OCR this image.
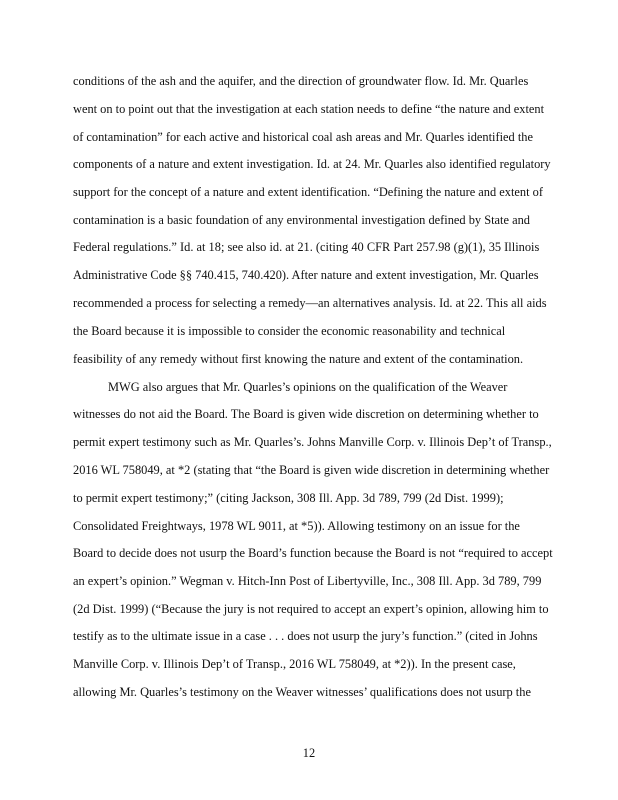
conditions of the ash and the aquifer, and the direction of groundwater flow. Id. Mr. Quarles
went on to point out that the investigation at each station needs to define “the nature and extent
of contamination” for each active and historical coal ash areas and Mr. Quarles identified the
components of a nature and extent investigation. Id. at 24. Mr. Quarles also identified regulatory
support for the concept of a nature and extent identification. “Defining the nature and extent of
contamination is a basic foundation of any environmental investigation defined by State and
Federal regulations.” Id. at 18; see also id. at 21. (citing 40 CFR Part 257.98 (g)(1), 35 Illinois
Administrative Code §§ 740.415, 740.420). After nature and extent investigation, Mr. Quarles
recommended a process for selecting a remedy—an alternatives analysis. Id. at 22. This all aids
the Board because it is impossible to consider the economic reasonability and technical
feasibility of any remedy without first knowing the nature and extent of the contamination.
MWG also argues that Mr. Quarles’s opinions on the qualification of the Weaver
witnesses do not aid the Board. The Board is given wide discretion on determining whether to
permit expert testimony such as Mr. Quarles’s. Johns Manville Corp. v. Illinois Dep’t of Transp.,
2016 WL 758049, at *2 (stating that “the Board is given wide discretion in determining whether
to permit expert testimony;” (citing Jackson, 308 Ill. App. 3d 789, 799 (2d Dist. 1999);
Consolidated Freightways, 1978 WL 9011, at *5)). Allowing testimony on an issue for the
Board to decide does not usurp the Board’s function because the Board is not “required to accept
an expert’s opinion.” Wegman v. Hitch-Inn Post of Libertyville, Inc., 308 Ill. App. 3d 789, 799
(2d Dist. 1999) (“Because the jury is not required to accept an expert’s opinion, allowing him to
testify as to the ultimate issue in a case . . . does not usurp the jury’s function.” (cited in Johns
Manville Corp. v. Illinois Dep’t of Transp., 2016 WL 758049, at *2)). In the present case,
allowing Mr. Quarles’s testimony on the Weaver witnesses’ qualifications does not usurp the
12
